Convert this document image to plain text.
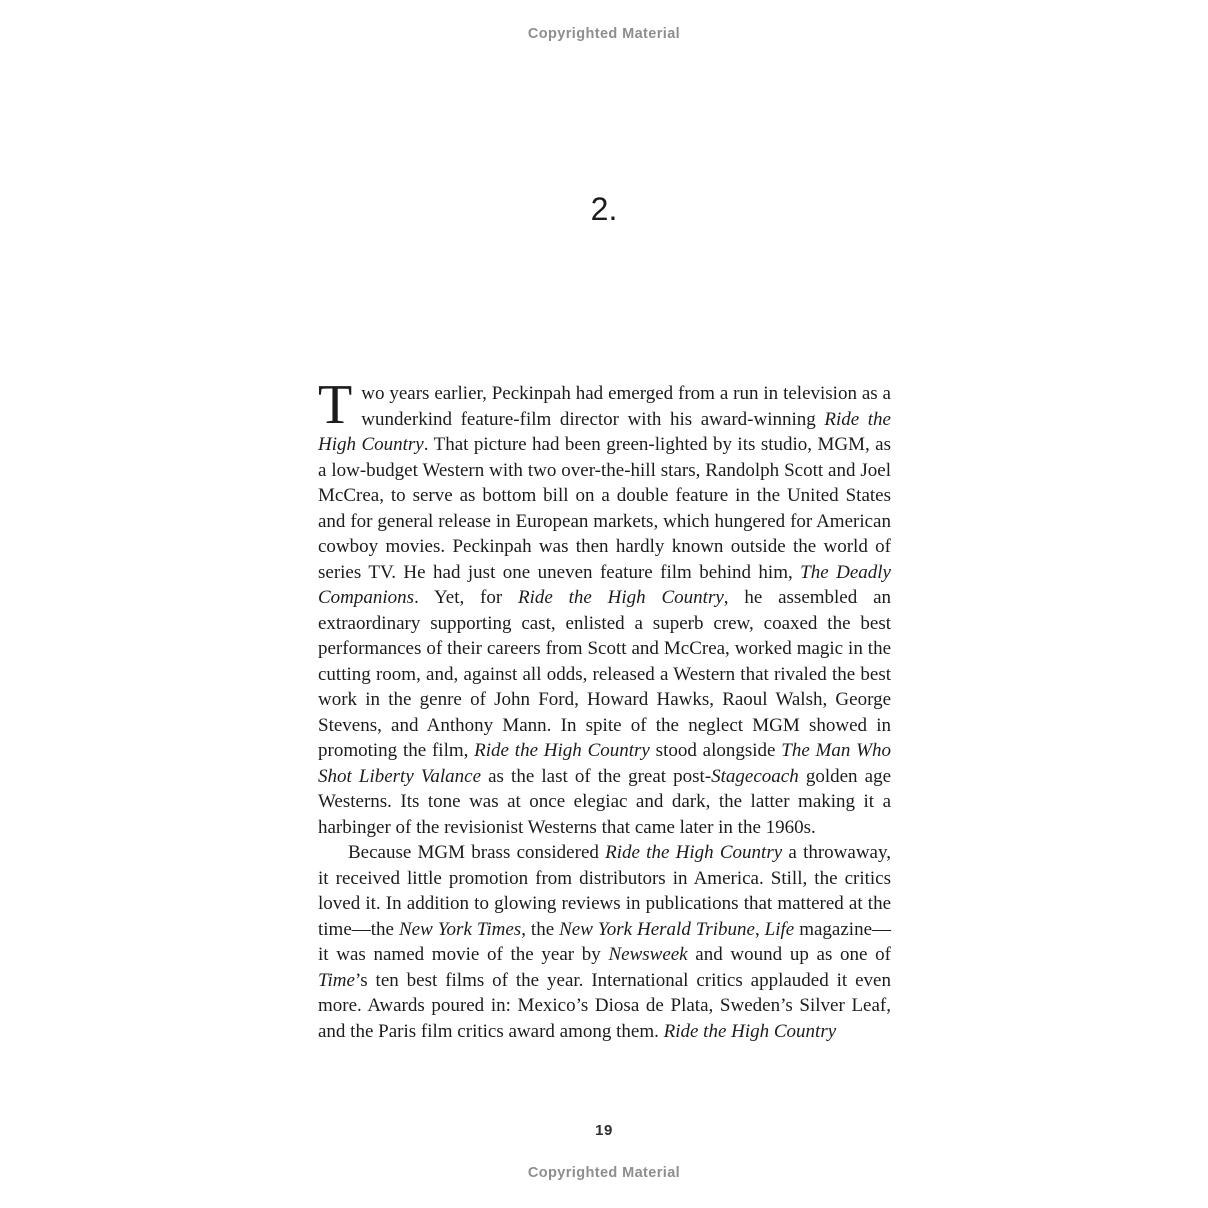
Copyrighted Material
2.

Two years earlier, Peckinpah had emerged from a run in television as a wunderkind feature-film director with his award-winning Ride the High Country. That picture had been green-lighted by its studio, MGM, as a low-budget Western with two over-the-hill stars, Randolph Scott and Joel McCrea, to serve as bottom bill on a double feature in the United States and for general release in European markets, which hungered for American cowboy movies. Peckinpah was then hardly known outside the world of series TV. He had just one uneven feature film behind him, The Deadly Companions. Yet, for Ride the High Country, he assembled an extraordinary supporting cast, enlisted a superb crew, coaxed the best performances of their careers from Scott and McCrea, worked magic in the cutting room, and, against all odds, released a Western that rivaled the best work in the genre of John Ford, Howard Hawks, Raoul Walsh, George Stevens, and Anthony Mann. In spite of the neglect MGM showed in promoting the film, Ride the High Country stood alongside The Man Who Shot Liberty Valance as the last of the great post-Stagecoach golden age Westerns. Its tone was at once elegiac and dark, the latter making it a harbinger of the revisionist Westerns that came later in the 1960s.

Because MGM brass considered Ride the High Country a throwaway, it received little promotion from distributors in America. Still, the critics loved it. In addition to glowing reviews in publications that mattered at the time—the New York Times, the New York Herald Tribune, Life magazine—it was named movie of the year by Newsweek and wound up as one of Time’s ten best films of the year. International critics applauded it even more. Awards poured in: Mexico’s Diosa de Plata, Sweden’s Silver Leaf, and the Paris film critics award among them. Ride the High Country

19
Copyrighted Material
